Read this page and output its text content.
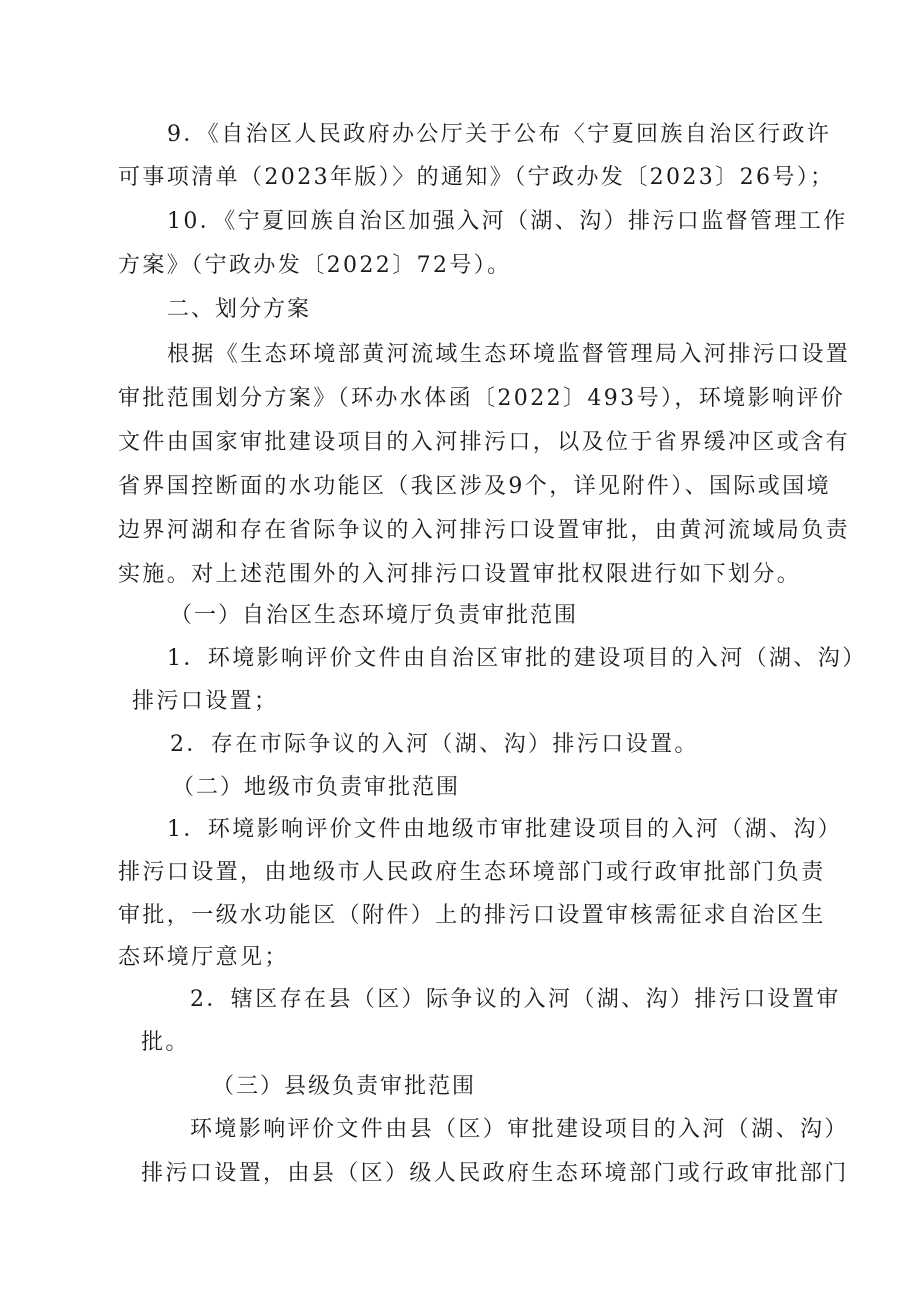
9．《自治区人民政府办公厅关于公布〈宁夏回族自治区行政许
可事项清单（2023年版）〉的通知》（宁政办发〔2023〕26号）；
10．《宁夏回族自治区加强入河（湖、沟）排污口监督管理工作
方案》（宁政办发〔2022〕72号）。
二、划分方案
根据《生态环境部黄河流域生态环境监督管理局入河排污口设置
审批范围划分方案》（环办水体函〔2022〕493号），环境影响评价
文件由国家审批建设项目的入河排污口，以及位于省界缓冲区或含有
省界国控断面的水功能区（我区涉及9个，详见附件）、国际或国境
边界河湖和存在省际争议的入河排污口设置审批，由黄河流域局负责
实施。对上述范围外的入河排污口设置审批权限进行如下划分。
（一）自治区生态环境厅负责审批范围
1．环境影响评价文件由自治区审批的建设项目的入河（湖、沟）
排污口设置；
2．存在市际争议的入河（湖、沟）排污口设置。
（二）地级市负责审批范围
1．环境影响评价文件由地级市审批建设项目的入河（湖、沟）
排污口设置，由地级市人民政府生态环境部门或行政审批部门负责
审批，一级水功能区（附件）上的排污口设置审核需征求自治区生
态环境厅意见；
2．辖区存在县（区）际争议的入河（湖、沟）排污口设置审
批。
（三）县级负责审批范围
环境影响评价文件由县（区）审批建设项目的入河（湖、沟）
排污口设置，由县（区）级人民政府生态环境部门或行政审批部门
